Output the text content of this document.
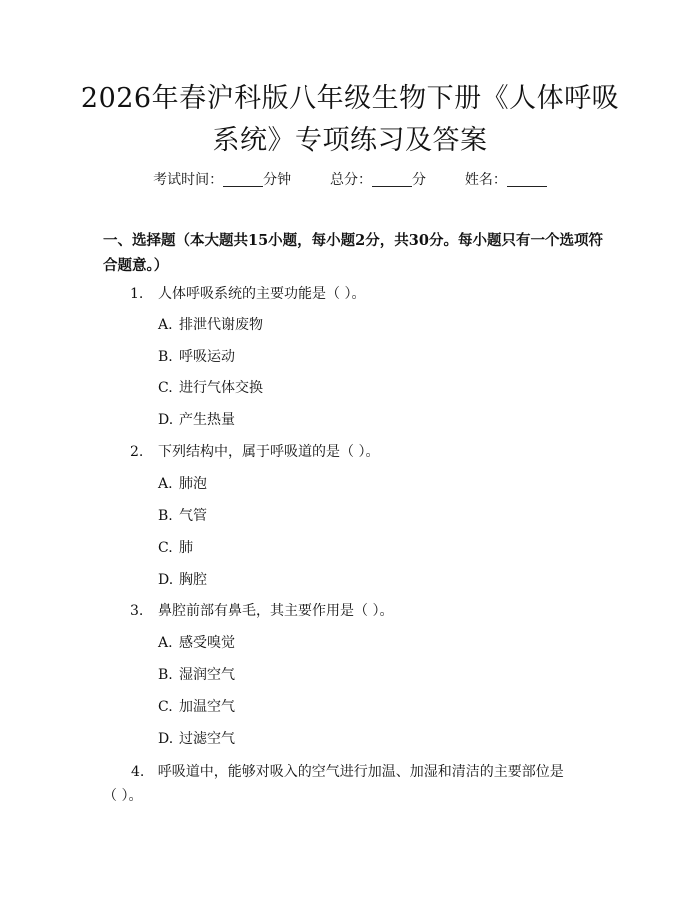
2026年春沪科版八年级生物下册《人体呼吸
系统》专项练习及答案
考试时间：	分钟	总分：	分	姓名：
一、选择题（本大题共15小题，每小题2分，共30分。每小题只有一个选项符合题意。）
1. 人体呼吸系统的主要功能是（ ）。
A. 排泄代谢废物
B. 呼吸运动
C. 进行气体交换
D. 产生热量
2. 下列结构中，属于呼吸道的是（ ）。
A. 肺泡
B. 气管
C. 肺
D. 胸腔
3. 鼻腔前部有鼻毛，其主要作用是（ ）。
A. 感受嗅觉
B. 湿润空气
C. 加温空气
D. 过滤空气
4. 呼吸道中，能够对吸入的空气进行加温、加湿和清洁的主要部位是（ ）。
